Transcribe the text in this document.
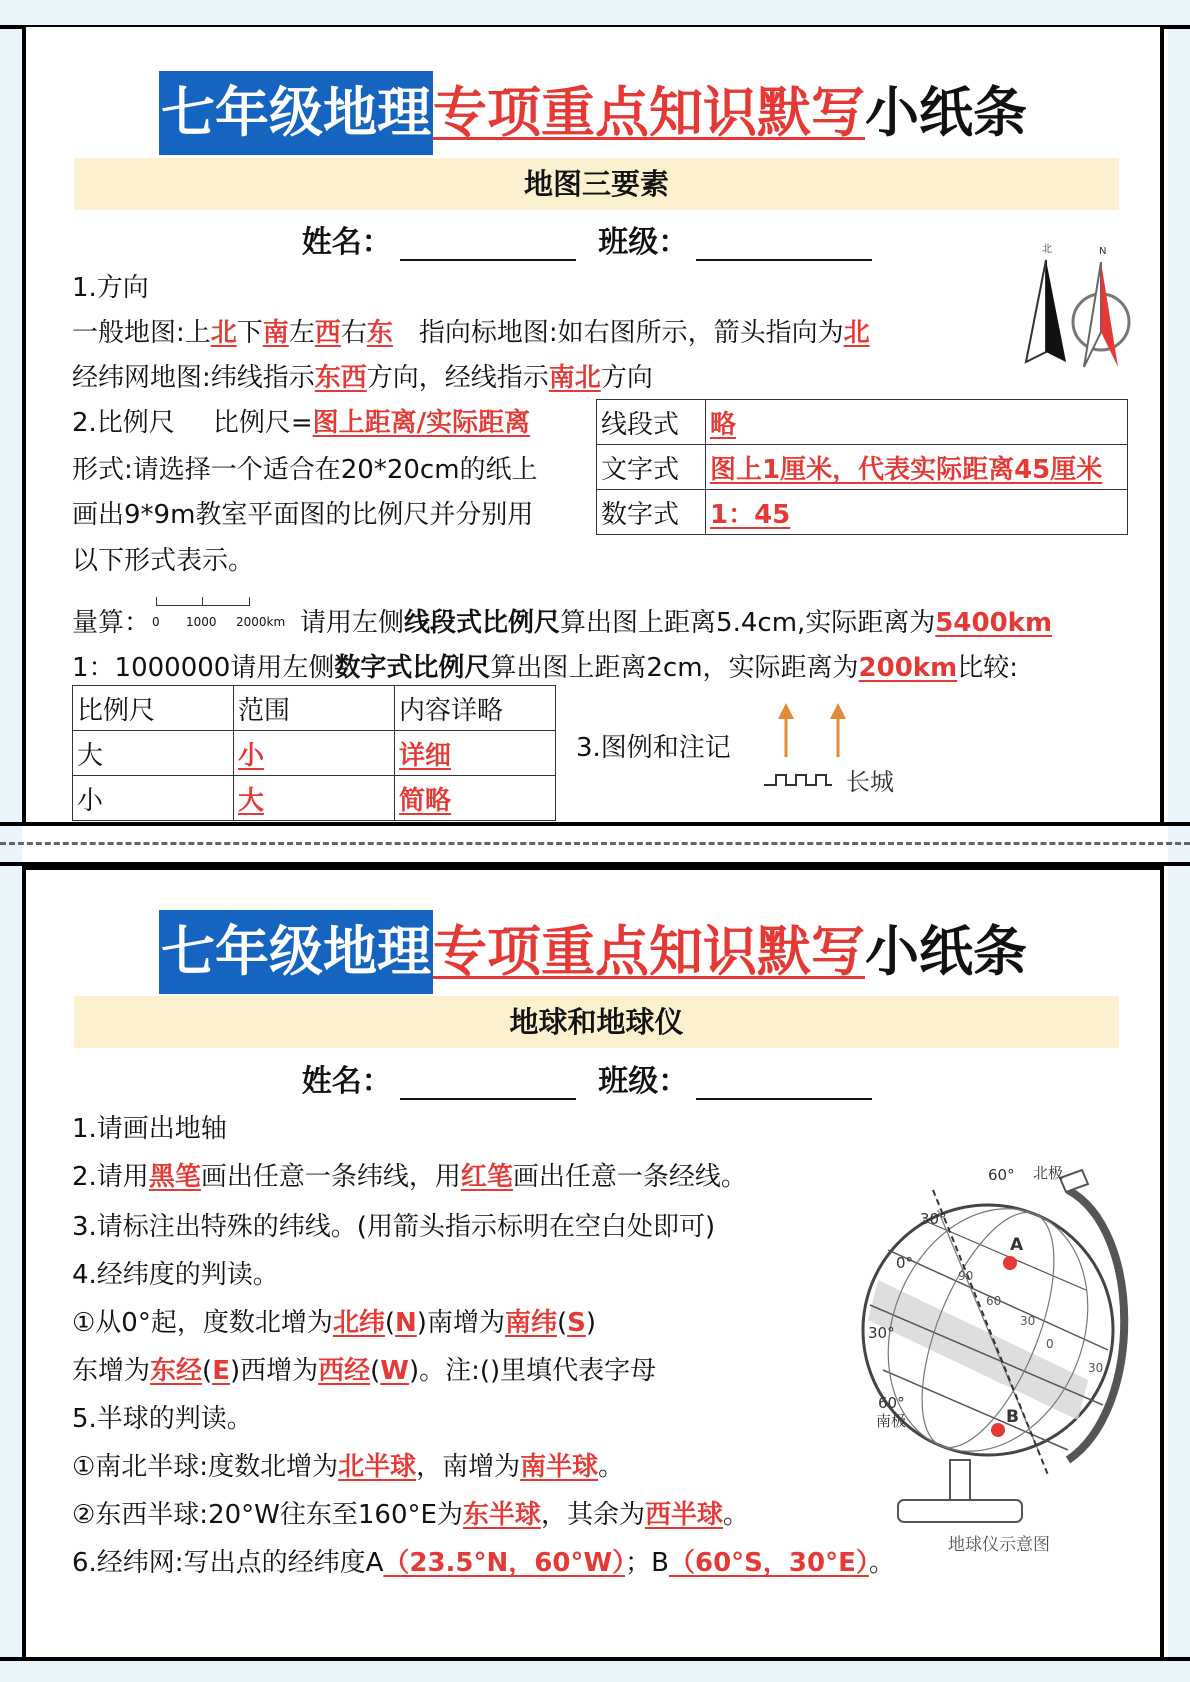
七年级地理专项重点知识默写小纸条
地图三要素
姓名：	班级：
1.方向
一般地图:上北下南左西右东　指向标地图:如右图所示，箭头指向为北
经纬网地图:纬线指示东西方向，经线指示南北方向
北	N
2.比例尺 比例尺=图上距离/实际距离
形式:请选择一个适合在20*20cm的纸上
画出9*9m教室平面图的比例尺并分别用
以下形式表示。
线段式	略
文字式	图上1厘米，代表实际距离45厘米
数字式	1：45
量算： 0 1000 2000km 请用左侧线段式比例尺算出图上距离5.4cm,实际距离为5400km
1：1000000请用左侧数字式比例尺算出图上距离2cm，实际距离为200km比较:
比例尺	范围	内容详略
大	小	详细
小	大	简略
3.图例和注记
长城
七年级地理专项重点知识默写小纸条
地球和地球仪
姓名：	班级：
1.请画出地轴
2.请用黑笔画出任意一条纬线，用红笔画出任意一条经线。
3.请标注出特殊的纬线。(用箭头指示标明在空白处即可)
4.经纬度的判读。
①从0°起，度数北增为北纬(N)南增为南纬(S)
东增为东经(E)西增为西经(W)。注:()里填代表字母
5.半球的判读。
①南北半球:度数北增为北半球，南增为南半球。
②东西半球:20°W往东至160°E为东半球，其余为西半球。
6.经纬网:写出点的经纬度A（23.5°N，60°W）；B（60°S，30°E）。
60° 北极
30°
0°
30°
60°
南极
A
B
90
60
30
0
30
地球仪示意图
